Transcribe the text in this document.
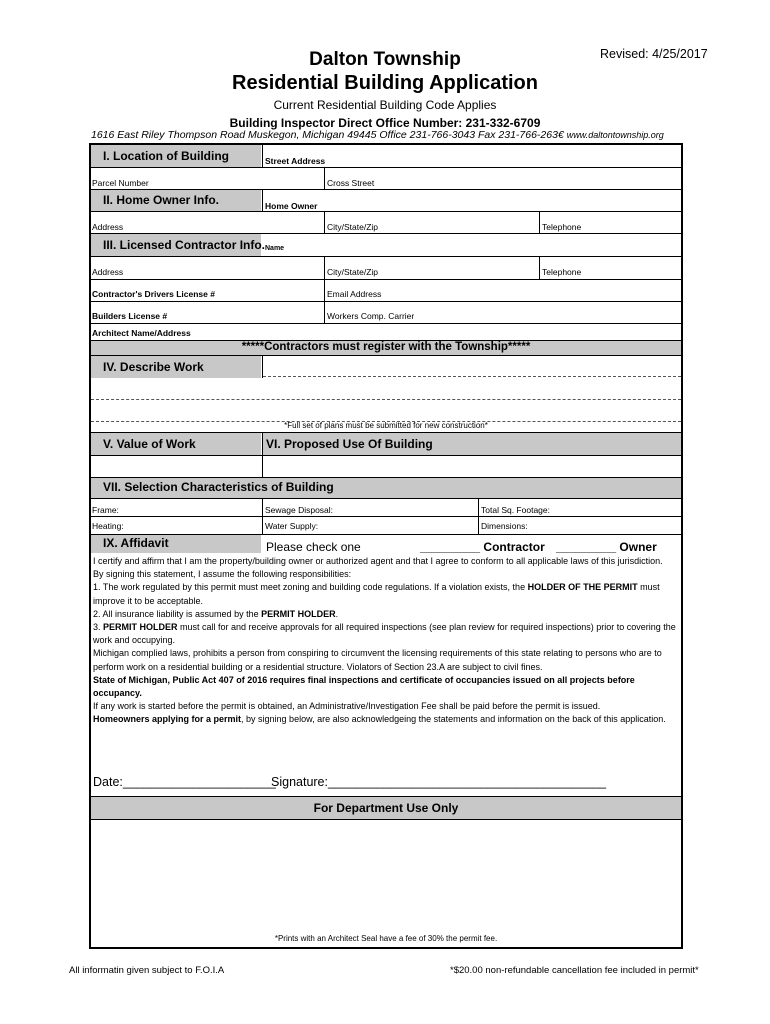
Dalton Township
Residential Building Application
Revised: 4/25/2017
Current Residential Building Code Applies
Building Inspector Direct Office Number: 231-332-6709
1616 East Riley Thompson Road Muskegon, Michigan 49445 Office 231-766-3043 Fax 231-766-263€ www.daltontownship.org
I. Location of Building	Street Address
Parcel Number	Cross Street
II. Home Owner Info.	Home Owner
Address	City/State/Zip	Telephone
III. Licensed Contractor Info. Name
Address	City/State/Zip	Telephone
Contractor's Drivers License #	Email Address
Builders License #	Workers Comp. Carrier
Architect Name/Address
*****Contractors must register with the Township*****
IV. Describe Work
*Full set of plans must be submitted for new construction*
V. Value of Work	VI. Proposed Use Of Building
VII. Selection Characteristics of Building
Frame:	Sewage Disposal:	Total Sq. Footage:
Heating:	Water Supply:	Dimensions:
IX. Affidavit	Please check one	_________ Contractor _________ Owner
I certify and affirm that I am the property/building owner or authorized agent and that I agree to conform to all applicable laws of this jurisdiction.
By signing this statement, I assume the following responsibilities:
1. The work regulated by this permit must meet zoning and building code regulations. If a violation exists, the HOLDER OF THE PERMIT must improve it to be acceptable.
2. All insurance liability is assumed by the PERMIT HOLDER.
3. PERMIT HOLDER must call for and receive approvals for all required inspections (see plan review for required inspections) prior to covering the work and occupying.
Michigan complied laws, prohibits a person from conspiring to circumvent the licensing requirements of this state relating to persons who are to perform work on a residential building or a residential structure. Violators of Section 23.A are subject to civil fines.
State of Michigan, Public Act 407 of 2016 requires final inspections and certificate of occupancies issued on all projects before occupancy.
If any work is started before the permit is obtained, an Administrative/Investigation Fee shall be paid before the permit is issued.
Homeowners applying for a permit, by signing below, are also acknowledgeing the statements and information on the back of this application.
Date:______________________
Signature:________________________________________
For Department Use Only
*Prints with an Architect Seal have a fee of 30% the permit fee.
All informatin given subject to F.O.I.A	*$20.00 non-refundable cancellation fee included in permit*
